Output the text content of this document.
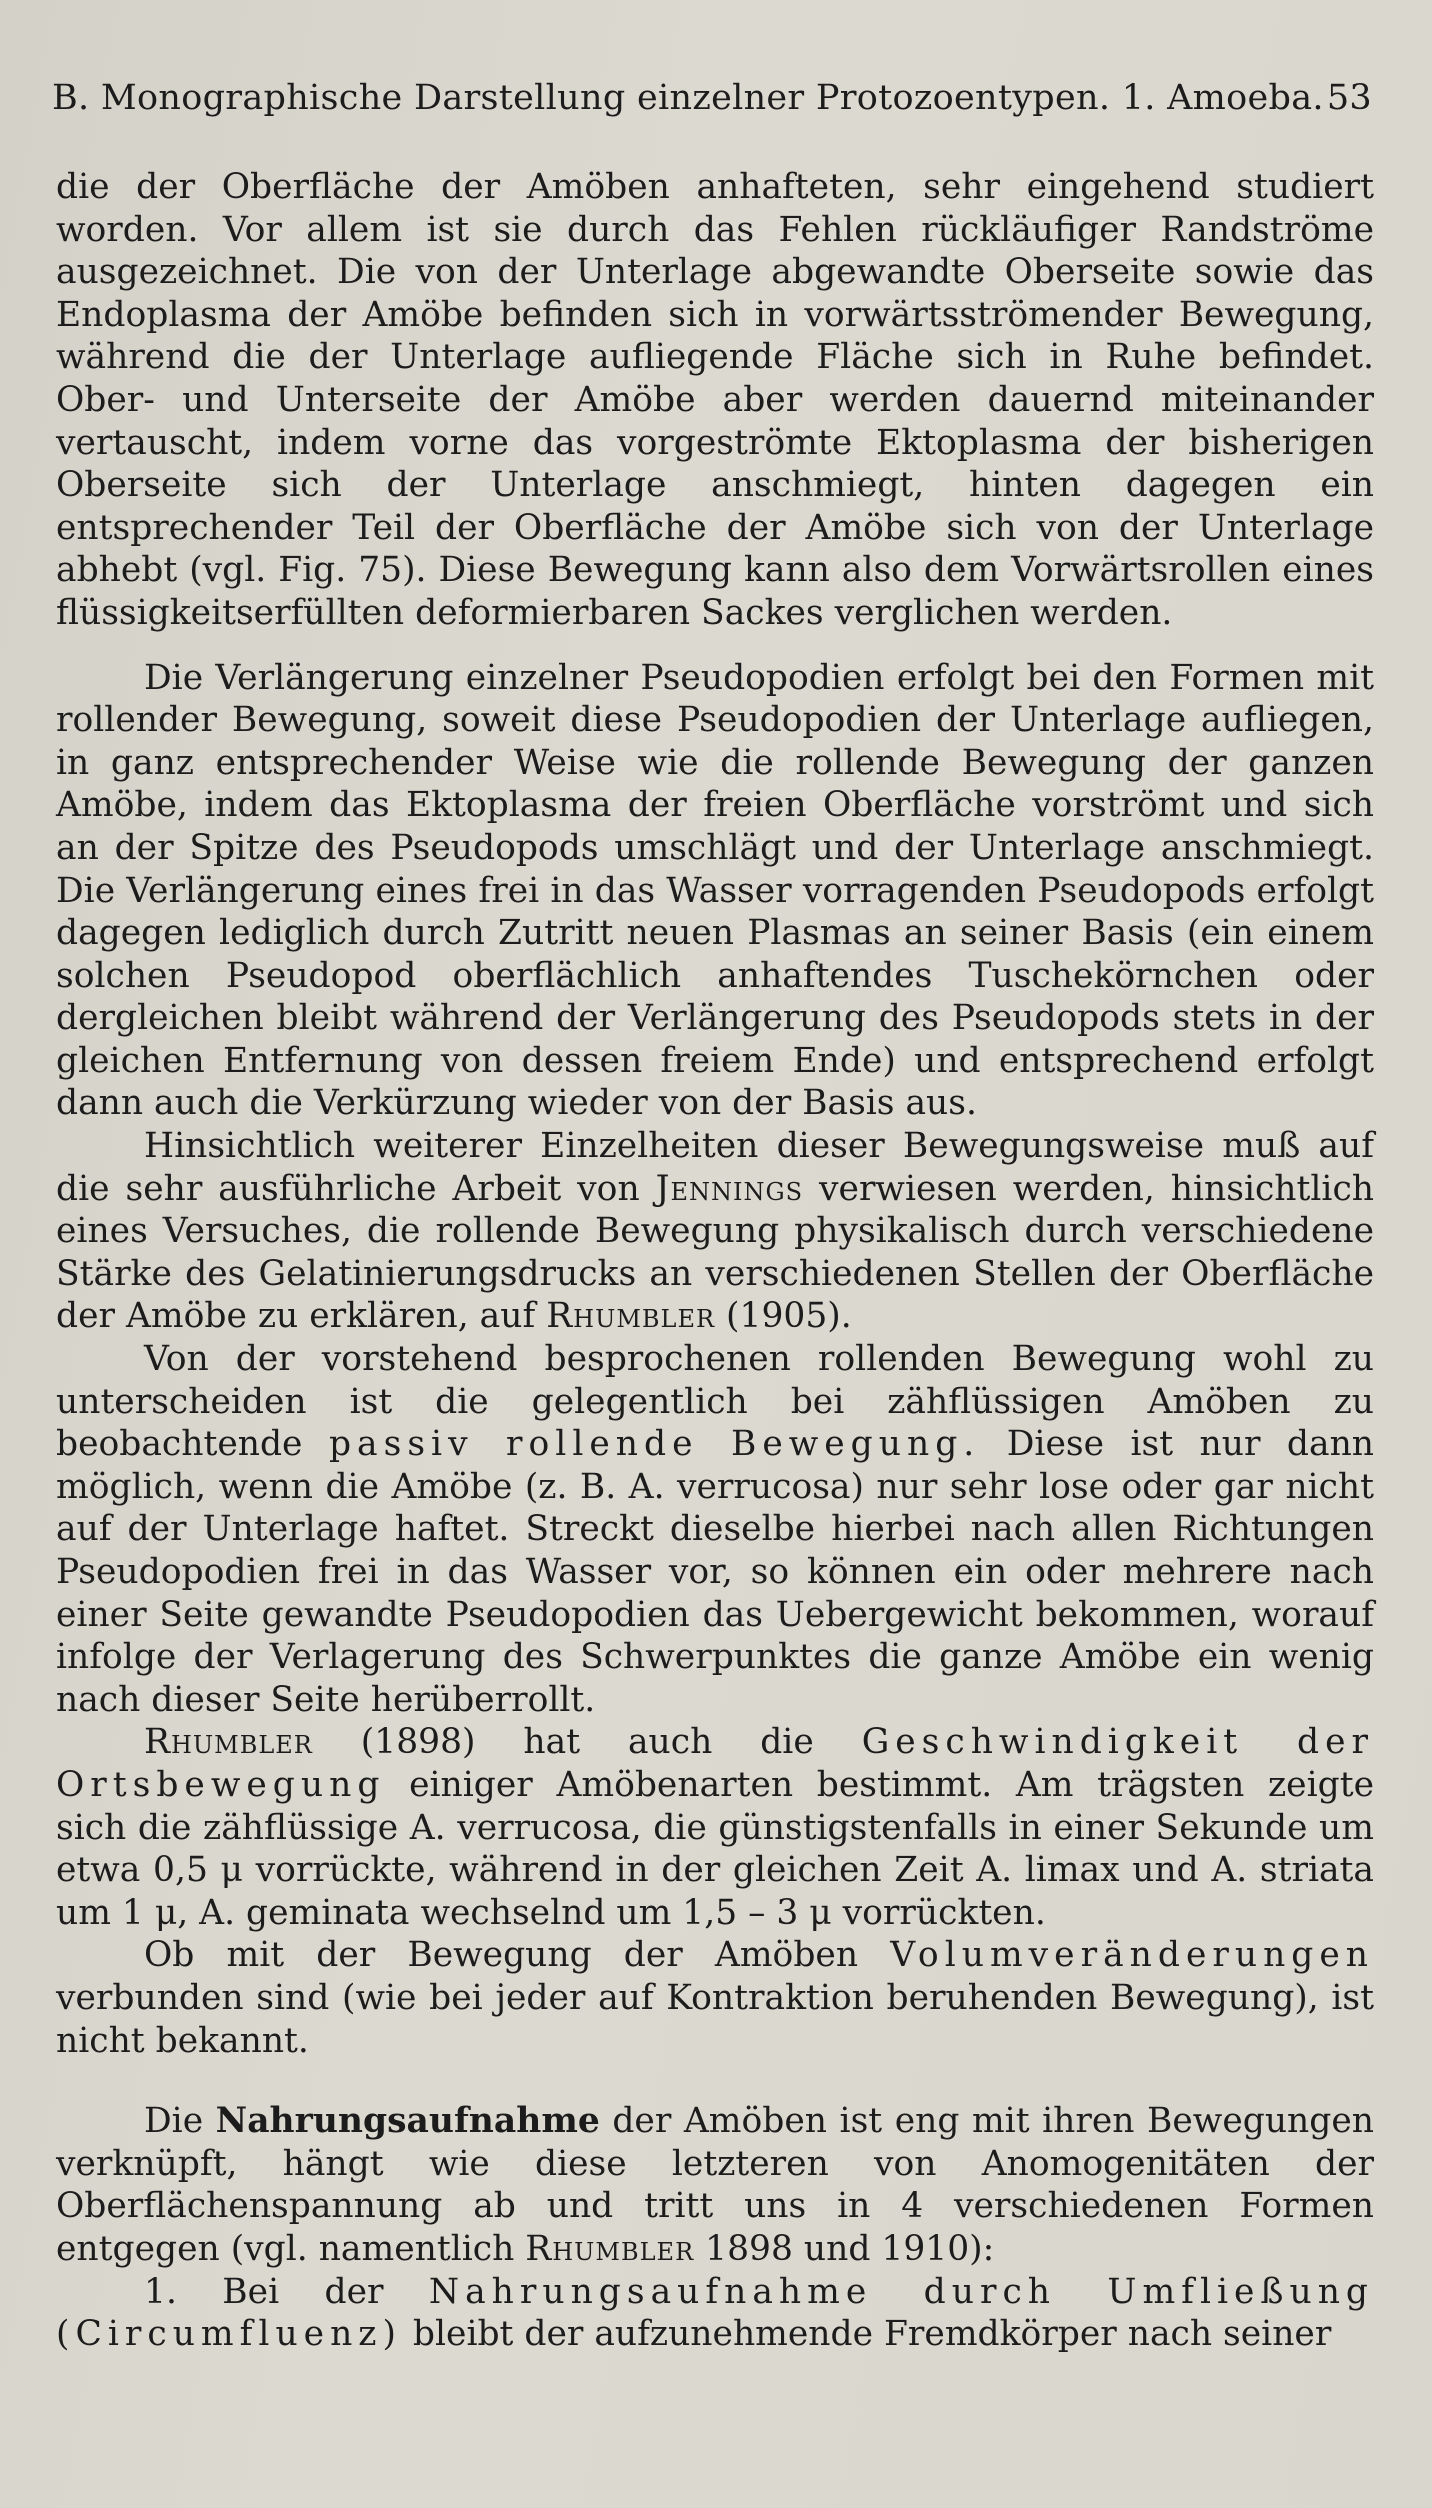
B. Monographische Darstellung einzelner Protozoentypen. 1. Amoeba. 53

die der Oberfläche der Amöben anhafteten, sehr eingehend studiert worden. Vor allem ist sie durch das Fehlen rückläufiger Randströme ausgezeichnet. Die von der Unterlage abgewandte Oberseite sowie das Endoplasma der Amöbe befinden sich in vorwärtsströmender Bewegung, während die der Unterlage aufliegende Fläche sich in Ruhe befindet. Ober- und Unterseite der Amöbe aber werden dauernd miteinander vertauscht, indem vorne das vorgeströmte Ektoplasma der bisherigen Oberseite sich der Unterlage anschmiegt, hinten dagegen ein entsprechender Teil der Oberfläche der Amöbe sich von der Unterlage abhebt (vgl. Fig. 75). Diese Bewegung kann also dem Vorwärtsrollen eines flüssigkeitserfüllten deformierbaren Sackes verglichen werden.

Die Verlängerung einzelner Pseudopodien erfolgt bei den Formen mit rollender Bewegung, soweit diese Pseudopodien der Unterlage aufliegen, in ganz entsprechender Weise wie die rollende Bewegung der ganzen Amöbe, indem das Ektoplasma der freien Oberfläche vorströmt und sich an der Spitze des Pseudopods umschlägt und der Unterlage anschmiegt. Die Verlängerung eines frei in das Wasser vorragenden Pseudopods erfolgt dagegen lediglich durch Zutritt neuen Plasmas an seiner Basis (ein einem solchen Pseudopod oberflächlich anhaftendes Tuschekörnchen oder dergleichen bleibt während der Verlängerung des Pseudopods stets in der gleichen Entfernung von dessen freiem Ende) und entsprechend erfolgt dann auch die Verkürzung wieder von der Basis aus.

Hinsichtlich weiterer Einzelheiten dieser Bewegungsweise muß auf die sehr ausführliche Arbeit von Jennings verwiesen werden, hinsichtlich eines Versuches, die rollende Bewegung physikalisch durch verschiedene Stärke des Gelatinierungsdrucks an verschiedenen Stellen der Oberfläche der Amöbe zu erklären, auf Rhumbler (1905).

Von der vorstehend besprochenen rollenden Bewegung wohl zu unterscheiden ist die gelegentlich bei zähflüssigen Amöben zu beobachtende passiv rollende Bewegung. Diese ist nur dann möglich, wenn die Amöbe (z. B. A. verrucosa) nur sehr lose oder gar nicht auf der Unterlage haftet. Streckt dieselbe hierbei nach allen Richtungen Pseudopodien frei in das Wasser vor, so können ein oder mehrere nach einer Seite gewandte Pseudopodien das Uebergewicht bekommen, worauf infolge der Verlagerung des Schwerpunktes die ganze Amöbe ein wenig nach dieser Seite herüberrollt.

Rhumbler (1898) hat auch die Geschwindigkeit der Ortsbewegung einiger Amöbenarten bestimmt. Am trägsten zeigte sich die zähflüssige A. verrucosa, die günstigstenfalls in einer Sekunde um etwa 0,5 μ vorrückte, während in der gleichen Zeit A. limax und A. striata um 1 μ, A. geminata wechselnd um 1,5 – 3 μ vorrückten.

Ob mit der Bewegung der Amöben Volumveränderungen verbunden sind (wie bei jeder auf Kontraktion beruhenden Bewegung), ist nicht bekannt.

Die Nahrungsaufnahme der Amöben ist eng mit ihren Bewegungen verknüpft, hängt wie diese letzteren von Anomogenitäten der Oberflächenspannung ab und tritt uns in 4 verschiedenen Formen entgegen (vgl. namentlich Rhumbler 1898 und 1910):

1. Bei der Nahrungsaufnahme durch Umfließung (Circumfluenz) bleibt der aufzunehmende Fremdkörper nach seiner
